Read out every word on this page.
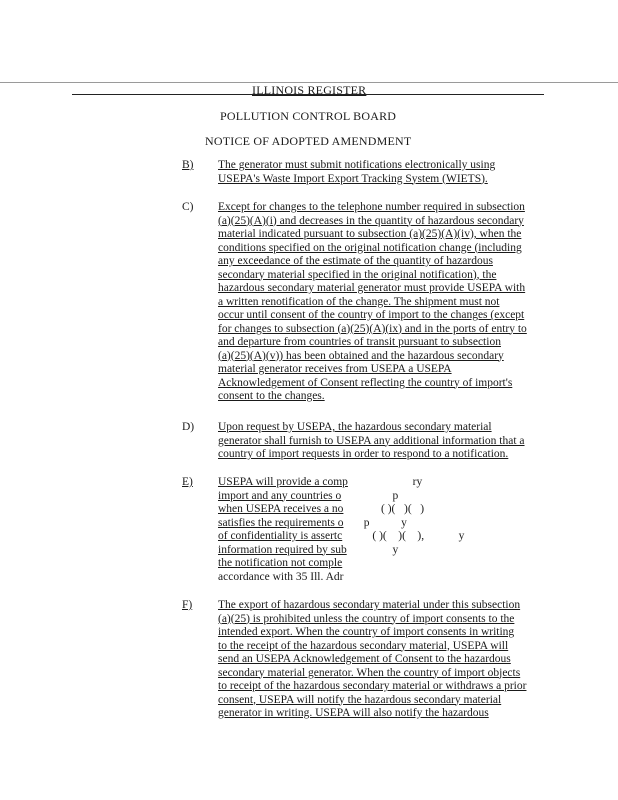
ILLINOIS REGISTER
POLLUTION CONTROL BOARD
NOTICE OF ADOPTED AMENDMENT
B) The generator must submit notifications electronically using
USEPA's Waste Import Export Tracking System (WIETS).
C) Except for changes to the telephone number required in subsection
(a)(25)(A)(i) and decreases in the quantity of hazardous secondary
material indicated pursuant to subsection (a)(25)(A)(iv), when the
conditions specified on the original notification change (including
any exceedance of the estimate of the quantity of hazardous
secondary material specified in the original notification), the
hazardous secondary material generator must provide USEPA with
a written renotification of the change. The shipment must not
occur until consent of the country of import to the changes (except
for changes to subsection (a)(25)(A)(ix) and in the ports of entry to
and departure from countries of transit pursuant to subsection
(a)(25)(A)(v)) has been obtained and the hazardous secondary
material generator receives from USEPA a USEPA
Acknowledgement of Consent reflecting the country of import's
consent to the changes.
D) Upon request by USEPA, the hazardous secondary material
generator shall furnish to USEPA any additional information that a
country of import requests in order to respond to a notification.
E) USEPA will provide a comp
import and any countries o
when USEPA receives a no
satisfies the requirements o
of confidentiality is assertc
information required by sub
the notification not comple
accordance with 35 Ill. Adr
ry
p
( )(   )(   )
p           y
( )(    )(    ),            y
y
F) The export of hazardous secondary material under this subsection
(a)(25) is prohibited unless the country of import consents to the
intended export. When the country of import consents in writing
to the receipt of the hazardous secondary material, USEPA will
send an USEPA Acknowledgement of Consent to the hazardous
secondary material generator. When the country of import objects
to receipt of the hazardous secondary material or withdraws a prior
consent, USEPA will notify the hazardous secondary material
generator in writing. USEPA will also notify the hazardous
